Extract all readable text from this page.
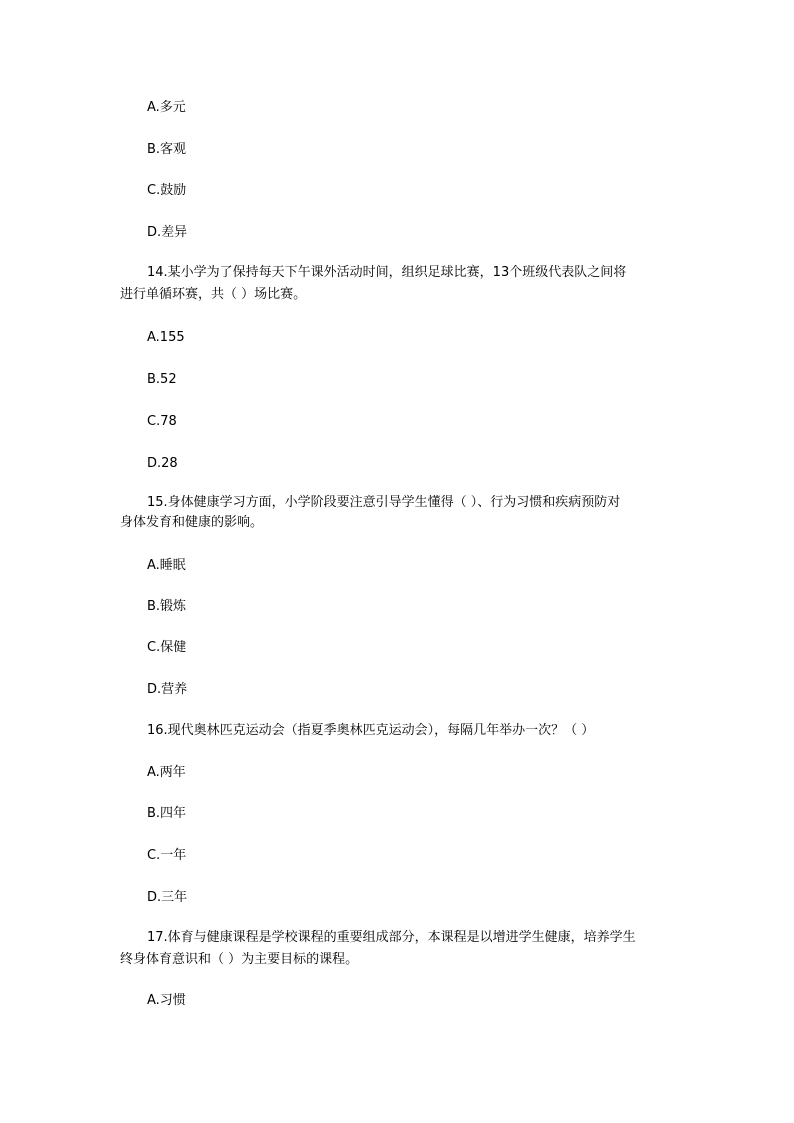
A.多元
B.客观
C.鼓励
D.差异
14.某小学为了保持每天下午课外活动时间，组织足球比赛，13个班级代表队之间将
进行单循环赛，共（ ）场比赛。
A.155
B.52
C.78
D.28
15.身体健康学习方面，小学阶段要注意引导学生懂得（ ）、行为习惯和疾病预防对
身体发育和健康的影响。
A.睡眠
B.锻炼
C.保健
D.营养
16.现代奥林匹克运动会（指夏季奥林匹克运动会），每隔几年举办一次？（ ）
A.两年
B.四年
C.一年
D.三年
17.体育与健康课程是学校课程的重要组成部分，本课程是以增进学生健康，培养学生
终身体育意识和（ ）为主要目标的课程。
A.习惯
